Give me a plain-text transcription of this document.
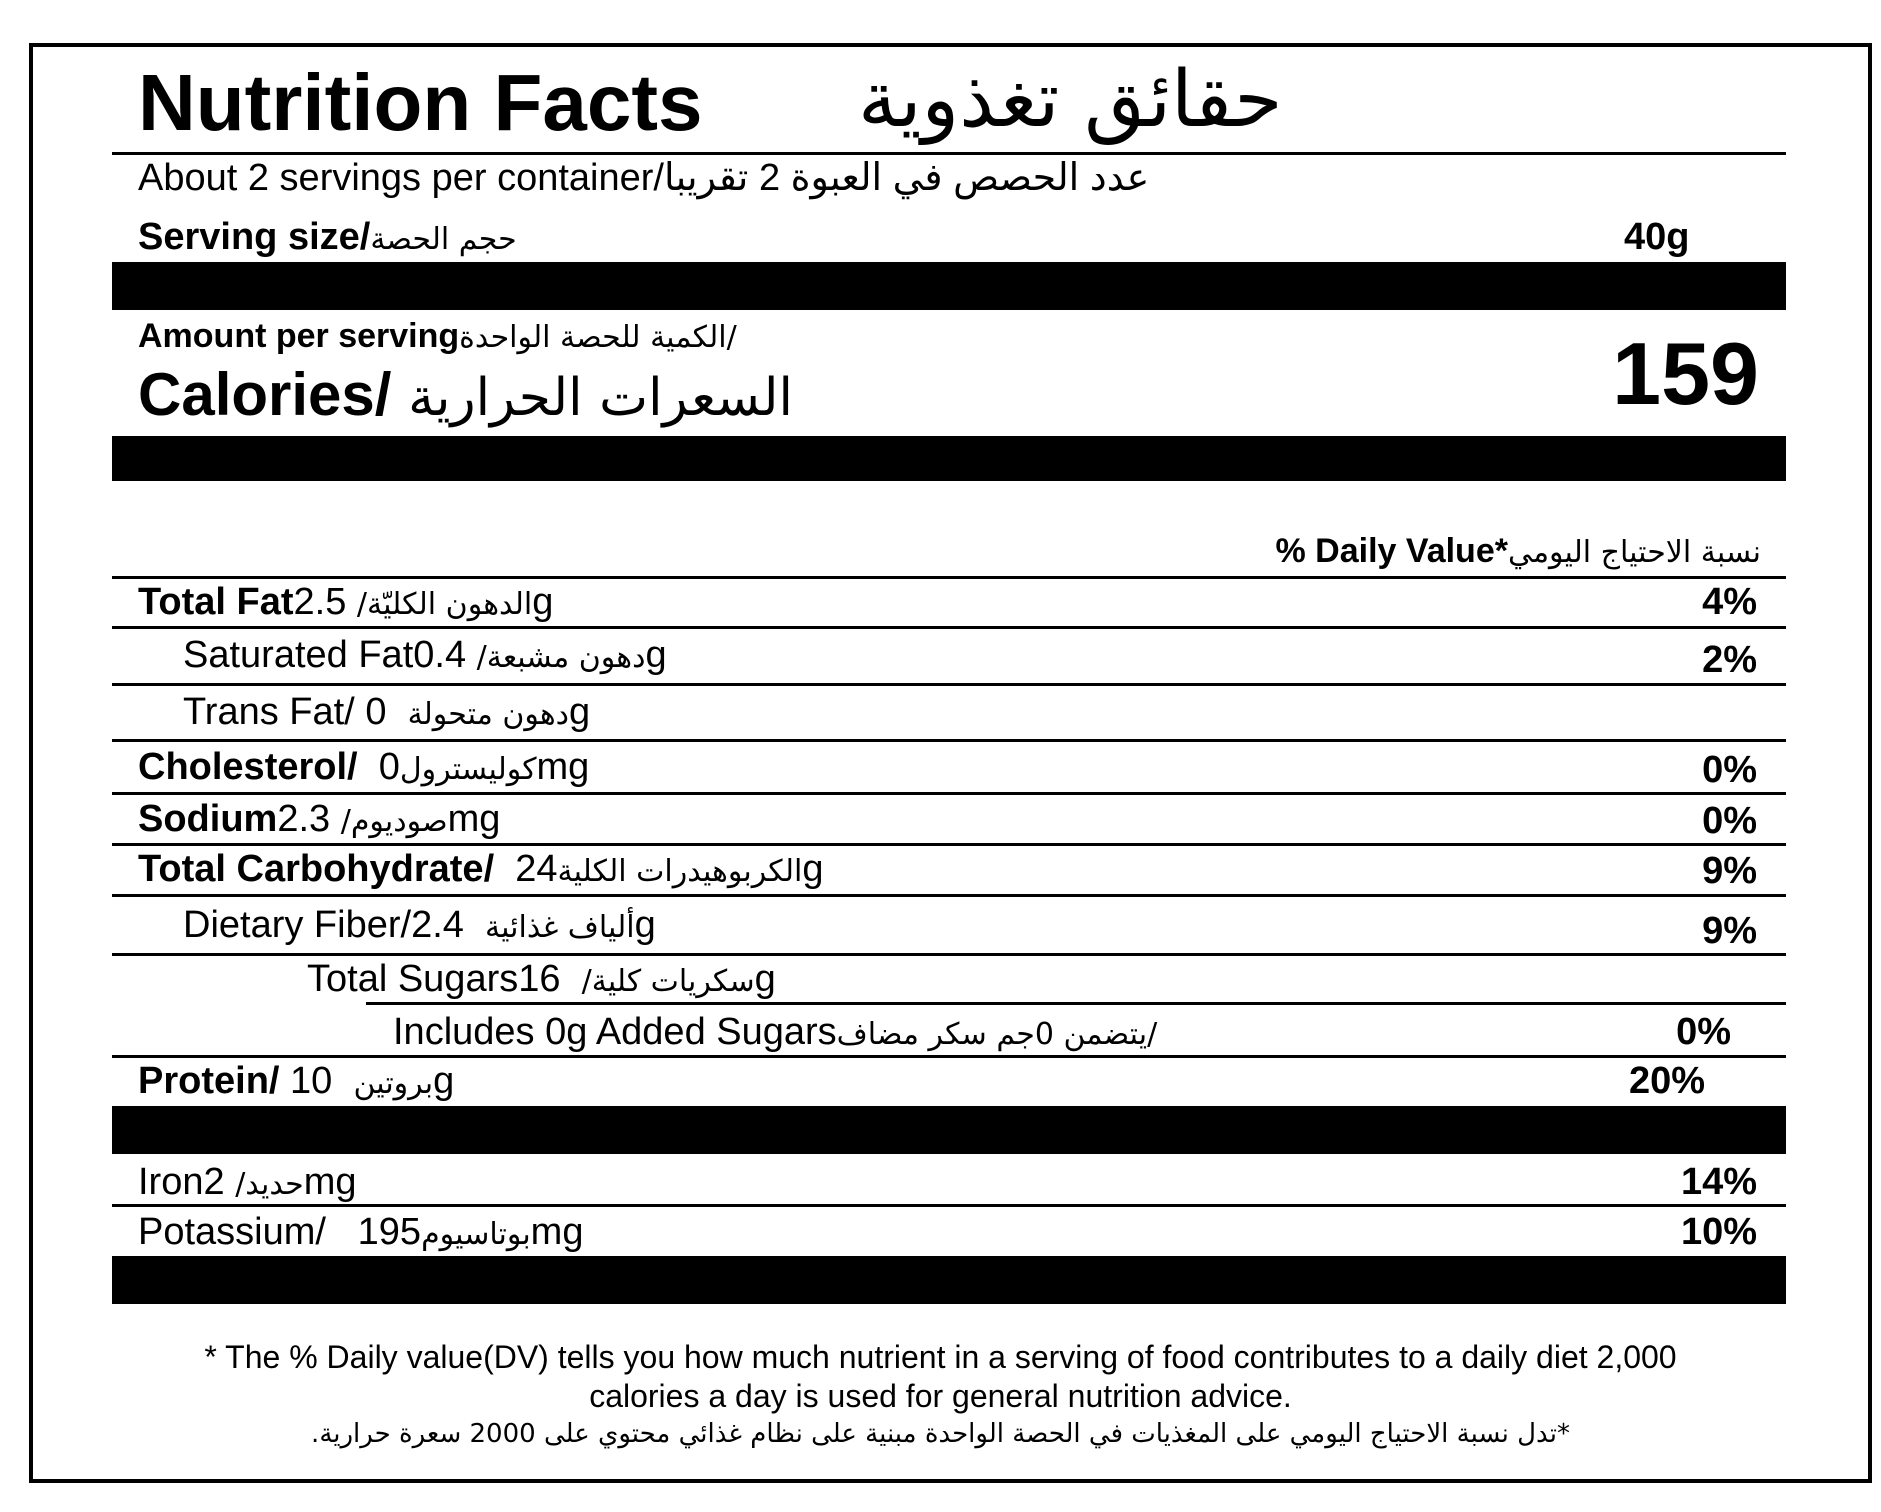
Nutrition Facts حقائق تغذوية
About 2 servings per container/عدد الحصص في العبوة 2 تقريبا
Serving size/حجم الحصة	40g
Amount per servingالكمية للحصة الواحدة/
Calories/ السعرات الحرارية	159
% Daily Value*نسبة الاحتياج اليومي
Total Fat الدهون الكليّة/ 2.5g	4%
Saturated Fat دهون مشبعة/ 0.4g	2%
Trans Fat/ دهون متحولة  0g
Cholesterol/ كوليسترول0mg	0%
Sodium صوديوم/ 2.3mg	0%
Total Carbohydrate/ الكربوهيدرات الكلية24g	9%
Dietary Fiber/ ألياف غذائية  2.4g	9%
Total Sugars سكريات كلية/  16g
Includes 0g Added Sugarsيتضمن 0جم سكر مضاف/	0%
Protein/ بروتين  10g	20%
Iron حديد/ 2mg	14%
Potassium/	بوتاسيوم195mg	10%
* The % Daily value(DV) tells you how much nutrient in a serving of food contributes to a daily diet 2,000
calories a day is used for general nutrition advice.
.تدل نسبة الاحتياج اليومي على المغذيات في الحصة الواحدة مبنية على نظام غذائي محتوي على 2000 سعرة حرارية*
